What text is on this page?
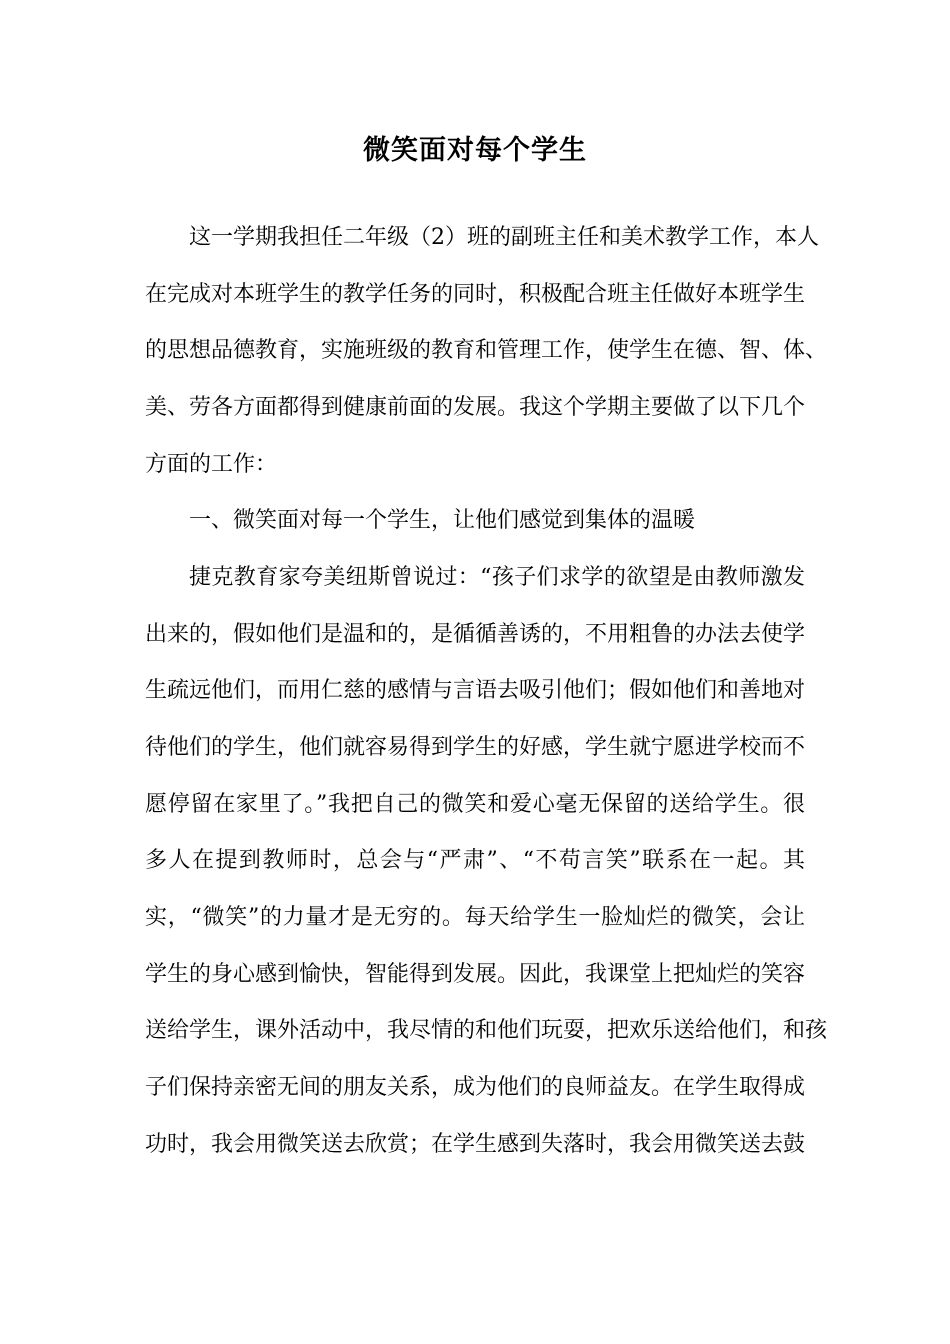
微笑面对每个学生
这一学期我担任二年级（2）班的副班主任和美术教学工作，本人
在完成对本班学生的教学任务的同时，积极配合班主任做好本班学生
的思想品德教育，实施班级的教育和管理工作，使学生在德、智、体、
美、劳各方面都得到健康前面的发展。我这个学期主要做了以下几个
方面的工作：
一、微笑面对每一个学生，让他们感觉到集体的温暖
捷克教育家夸美纽斯曾说过：“孩子们求学的欲望是由教师激发
出来的，假如他们是温和的，是循循善诱的，不用粗鲁的办法去使学
生疏远他们，而用仁慈的感情与言语去吸引他们；假如他们和善地对
待他们的学生，他们就容易得到学生的好感，学生就宁愿进学校而不
愿停留在家里了。”我把自己的微笑和爱心毫无保留的送给学生。很
多人在提到教师时，总会与“严肃”、“不苟言笑”联系在一起。其
实，“微笑”的力量才是无穷的。每天给学生一脸灿烂的微笑，会让
学生的身心感到愉快，智能得到发展。因此，我课堂上把灿烂的笑容
送给学生，课外活动中，我尽情的和他们玩耍，把欢乐送给他们，和孩
子们保持亲密无间的朋友关系，成为他们的良师益友。在学生取得成
功时，我会用微笑送去欣赏；在学生感到失落时，我会用微笑送去鼓
